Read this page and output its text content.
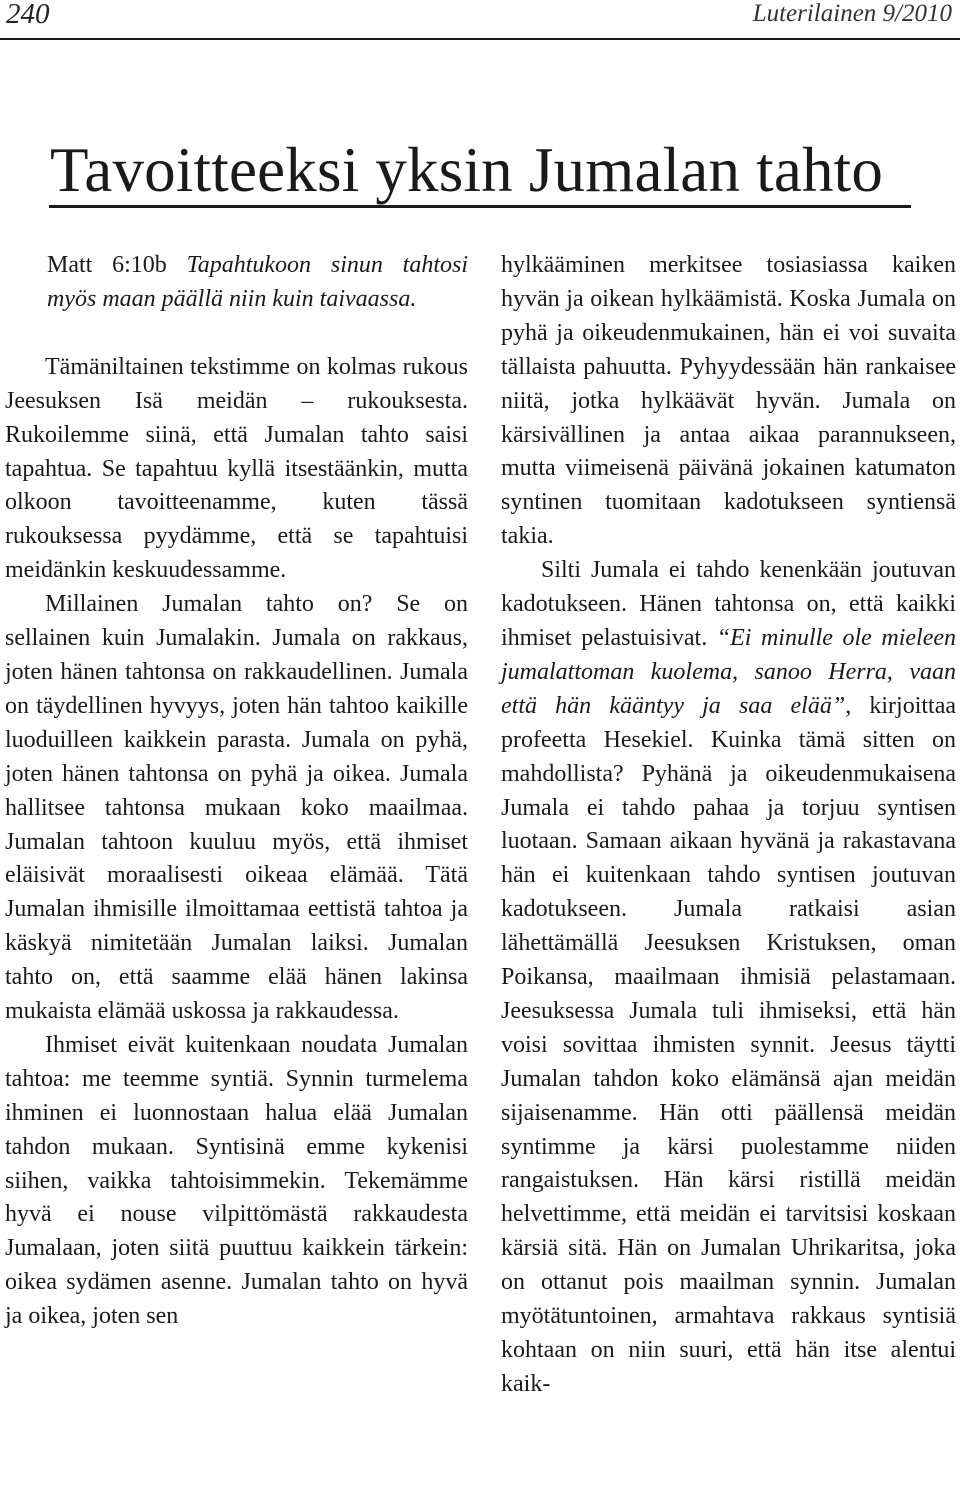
240	Luterilainen 9/2010
Tavoitteeksi yksin Jumalan tahto

Matt 6:10b Tapahtukoon sinun tahtosi myös maan päällä niin kuin taivaassa.

Tämäniltainen tekstimme on kolmas rukous Jeesuksen Isä meidän – rukouksesta. Rukoilemme siinä, että Jumalan tahto saisi tapahtua. Se tapahtuu kyllä itsestäänkin, mutta olkoon tavoitteenamme, kuten tässä rukouksessa pyydämme, että se tapahtuisi meidänkin keskuudessamme.

Millainen Jumalan tahto on? Se on sellainen kuin Jumalakin. Jumala on rakkaus, joten hänen tahtonsa on rakkaudellinen. Jumala on täydellinen hyvyys, joten hän tahtoo kaikille luoduilleen kaikkein parasta. Jumala on pyhä, joten hänen tahtonsa on pyhä ja oikea. Jumala hallitsee tahtonsa mukaan koko maailmaa. Jumalan tahtoon kuuluu myös, että ihmiset eläisivät moraalisesti oikeaa elämää. Tätä Jumalan ihmisille ilmoittamaa eettistä tahtoa ja käskyä nimitetään Jumalan laiksi. Jumalan tahto on, että saamme elää hänen lakinsa mukaista elämää uskossa ja rakkaudessa.

Ihmiset eivät kuitenkaan noudata Jumalan tahtoa: me teemme syntiä. Synnin turmelema ihminen ei luonnostaan halua elää Jumalan tahdon mukaan. Syntisinä emme kykenisi siihen, vaikka tahtoisimmekin. Tekemämme hyvä ei nouse vilpittömästä rakkaudesta Jumalaan, joten siitä puuttuu kaikkein tärkein: oikea sydämen asenne. Jumalan tahto on hyvä ja oikea, joten sen

hylkääminen merkitsee tosiasiassa kaiken hyvän ja oikean hylkäämistä. Koska Jumala on pyhä ja oikeudenmukainen, hän ei voi suvaita tällaista pahuutta. Pyhyydessään hän rankaisee niitä, jotka hylkäävät hyvän. Jumala on kärsivällinen ja antaa aikaa parannukseen, mutta viimeisenä päivänä jokainen katumaton syntinen tuomitaan kadotukseen syntiensä takia.

Silti Jumala ei tahdo kenenkään joutuvan kadotukseen. Hänen tahtonsa on, että kaikki ihmiset pelastuisivat. “Ei minulle ole mieleen jumalattoman kuolema, sanoo Herra, vaan että hän kääntyy ja saa elää”, kirjoittaa profeetta Hesekiel. Kuinka tämä sitten on mahdollista? Pyhänä ja oikeudenmukaisena Jumala ei tahdo pahaa ja torjuu syntisen luotaan. Samaan aikaan hyvänä ja rakastavana hän ei kuitenkaan tahdo syntisen joutuvan kadotukseen. Jumala ratkaisi asian lähettämällä Jeesuksen Kristuksen, oman Poikansa, maailmaan ihmisiä pelastamaan. Jeesuksessa Jumala tuli ihmiseksi, että hän voisi sovittaa ihmisten synnit. Jeesus täytti Jumalan tahdon koko elämänsä ajan meidän sijaisenamme. Hän otti päällensä meidän syntimme ja kärsi puolestamme niiden rangaistuksen. Hän kärsi ristillä meidän helvettimme, että meidän ei tarvitsisi koskaan kärsiä sitä. Hän on Jumalan Uhrikaritsa, joka on ottanut pois maailman synnin. Jumalan myötätuntoinen, armahtava rakkaus syntisiä kohtaan on niin suuri, että hän itse alentui kaik-
